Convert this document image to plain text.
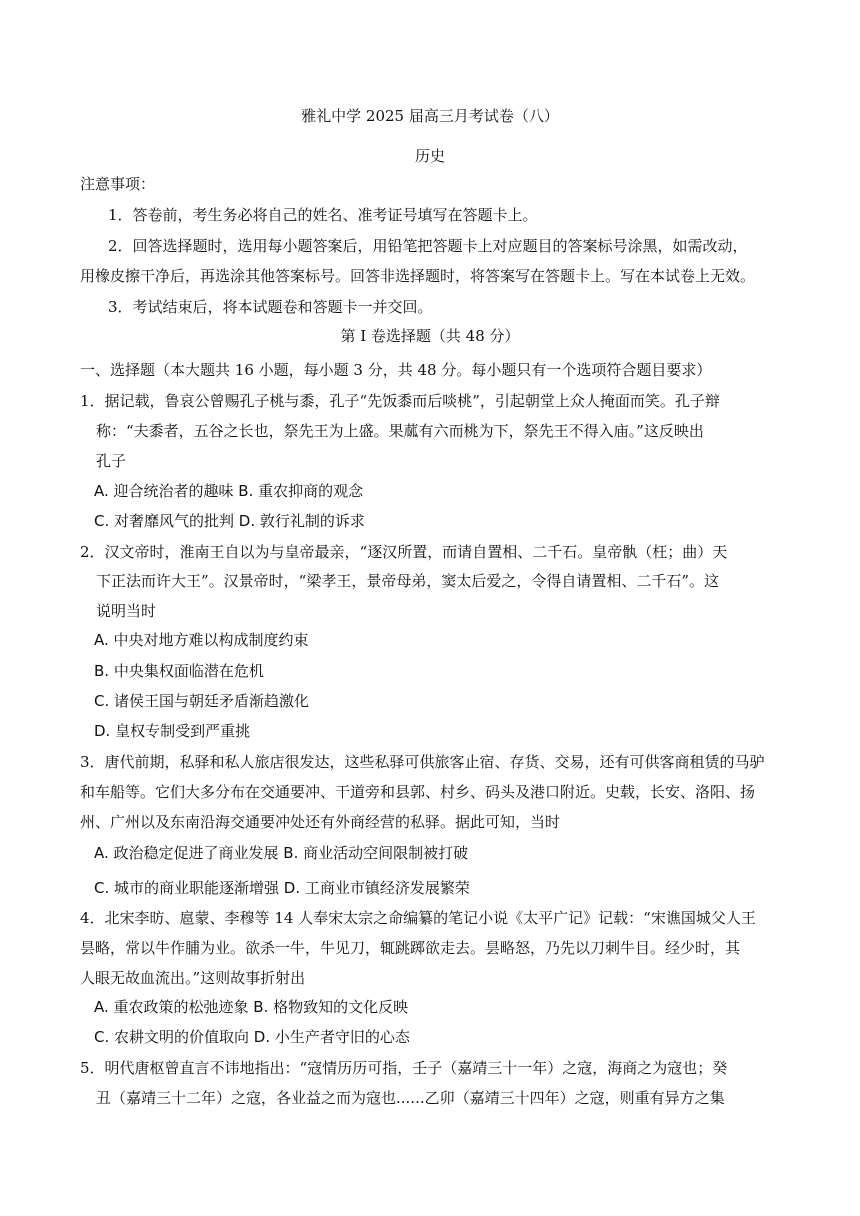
雅礼中学 2025 届高三月考试卷（八）
历史
注意事项：
1．答卷前，考生务必将自己的姓名、准考证号填写在答题卡上。
2．回答选择题时，选用每小题答案后，用铅笔把答题卡上对应题目的答案标号涂黑，如需改动，
用橡皮擦干净后，再选涂其他答案标号。回答非选择题时，将答案写在答题卡上。写在本试卷上无效。
3．考试结束后，将本试题卷和答题卡一并交回。
第 I 卷选择题（共 48 分）
一、选择题（本大题共 16 小题，每小题 3 分，共 48 分。每小题只有一个选项符合题目要求）
1．据记载，鲁哀公曾赐孔子桃与黍，孔子“先饭黍而后啖桃”，引起朝堂上众人掩面而笑。孔子辩
称：“夫黍者，五谷之长也，祭先王为上盛。果蓏有六而桃为下，祭先王不得入庙。”这反映出
孔子
A. 迎合统治者的趣味 B. 重农抑商的观念
C. 对奢靡风气的批判 D. 敦行礼制的诉求
2．汉文帝时，淮南王自以为与皇帝最亲，“逐汉所置，而请自置相、二千石。皇帝骫（枉；曲）天
下正法而许大王”。汉景帝时，“梁孝王，景帝母弟，窦太后爱之，令得自请置相、二千石”。这
说明当时
A. 中央对地方难以构成制度约束
B. 中央集权面临潜在危机
C. 诸侯王国与朝廷矛盾渐趋激化
D. 皇权专制受到严重挑
3．唐代前期，私驿和私人旅店很发达，这些私驿可供旅客止宿、存货、交易，还有可供客商租赁的马驴
和车船等。它们大多分布在交通要冲、干道旁和县郭、村乡、码头及港口附近。史载，长安、洛阳、扬
州、广州以及东南沿海交通要冲处还有外商经营的私驿。据此可知，当时
A. 政治稳定促进了商业发展 B. 商业活动空间限制被打破
C. 城市的商业职能逐渐增强 D. 工商业市镇经济发展繁荣
4．北宋李昉、扈蒙、李穆等 14 人奉宋太宗之命编纂的笔记小说《太平广记》记载：“宋谯国城父人王
昙略，常以牛作脯为业。欲杀一牛，牛见刀，辄跳踯欲走去。昙略怒，乃先以刀刺牛目。经少时，其
人眼无故血流出。”这则故事折射出
A. 重农政策的松弛迹象 B. 格物致知的文化反映
C. 农耕文明的价值取向 D. 小生产者守旧的心态
5．明代唐枢曾直言不讳地指出：“寇情历历可指，壬子（嘉靖三十一年）之寇，海商之为寇也；癸
丑（嘉靖三十二年）之寇，各业益之而为寇也......乙卯（嘉靖三十四年）之寇，则重有异方之集
